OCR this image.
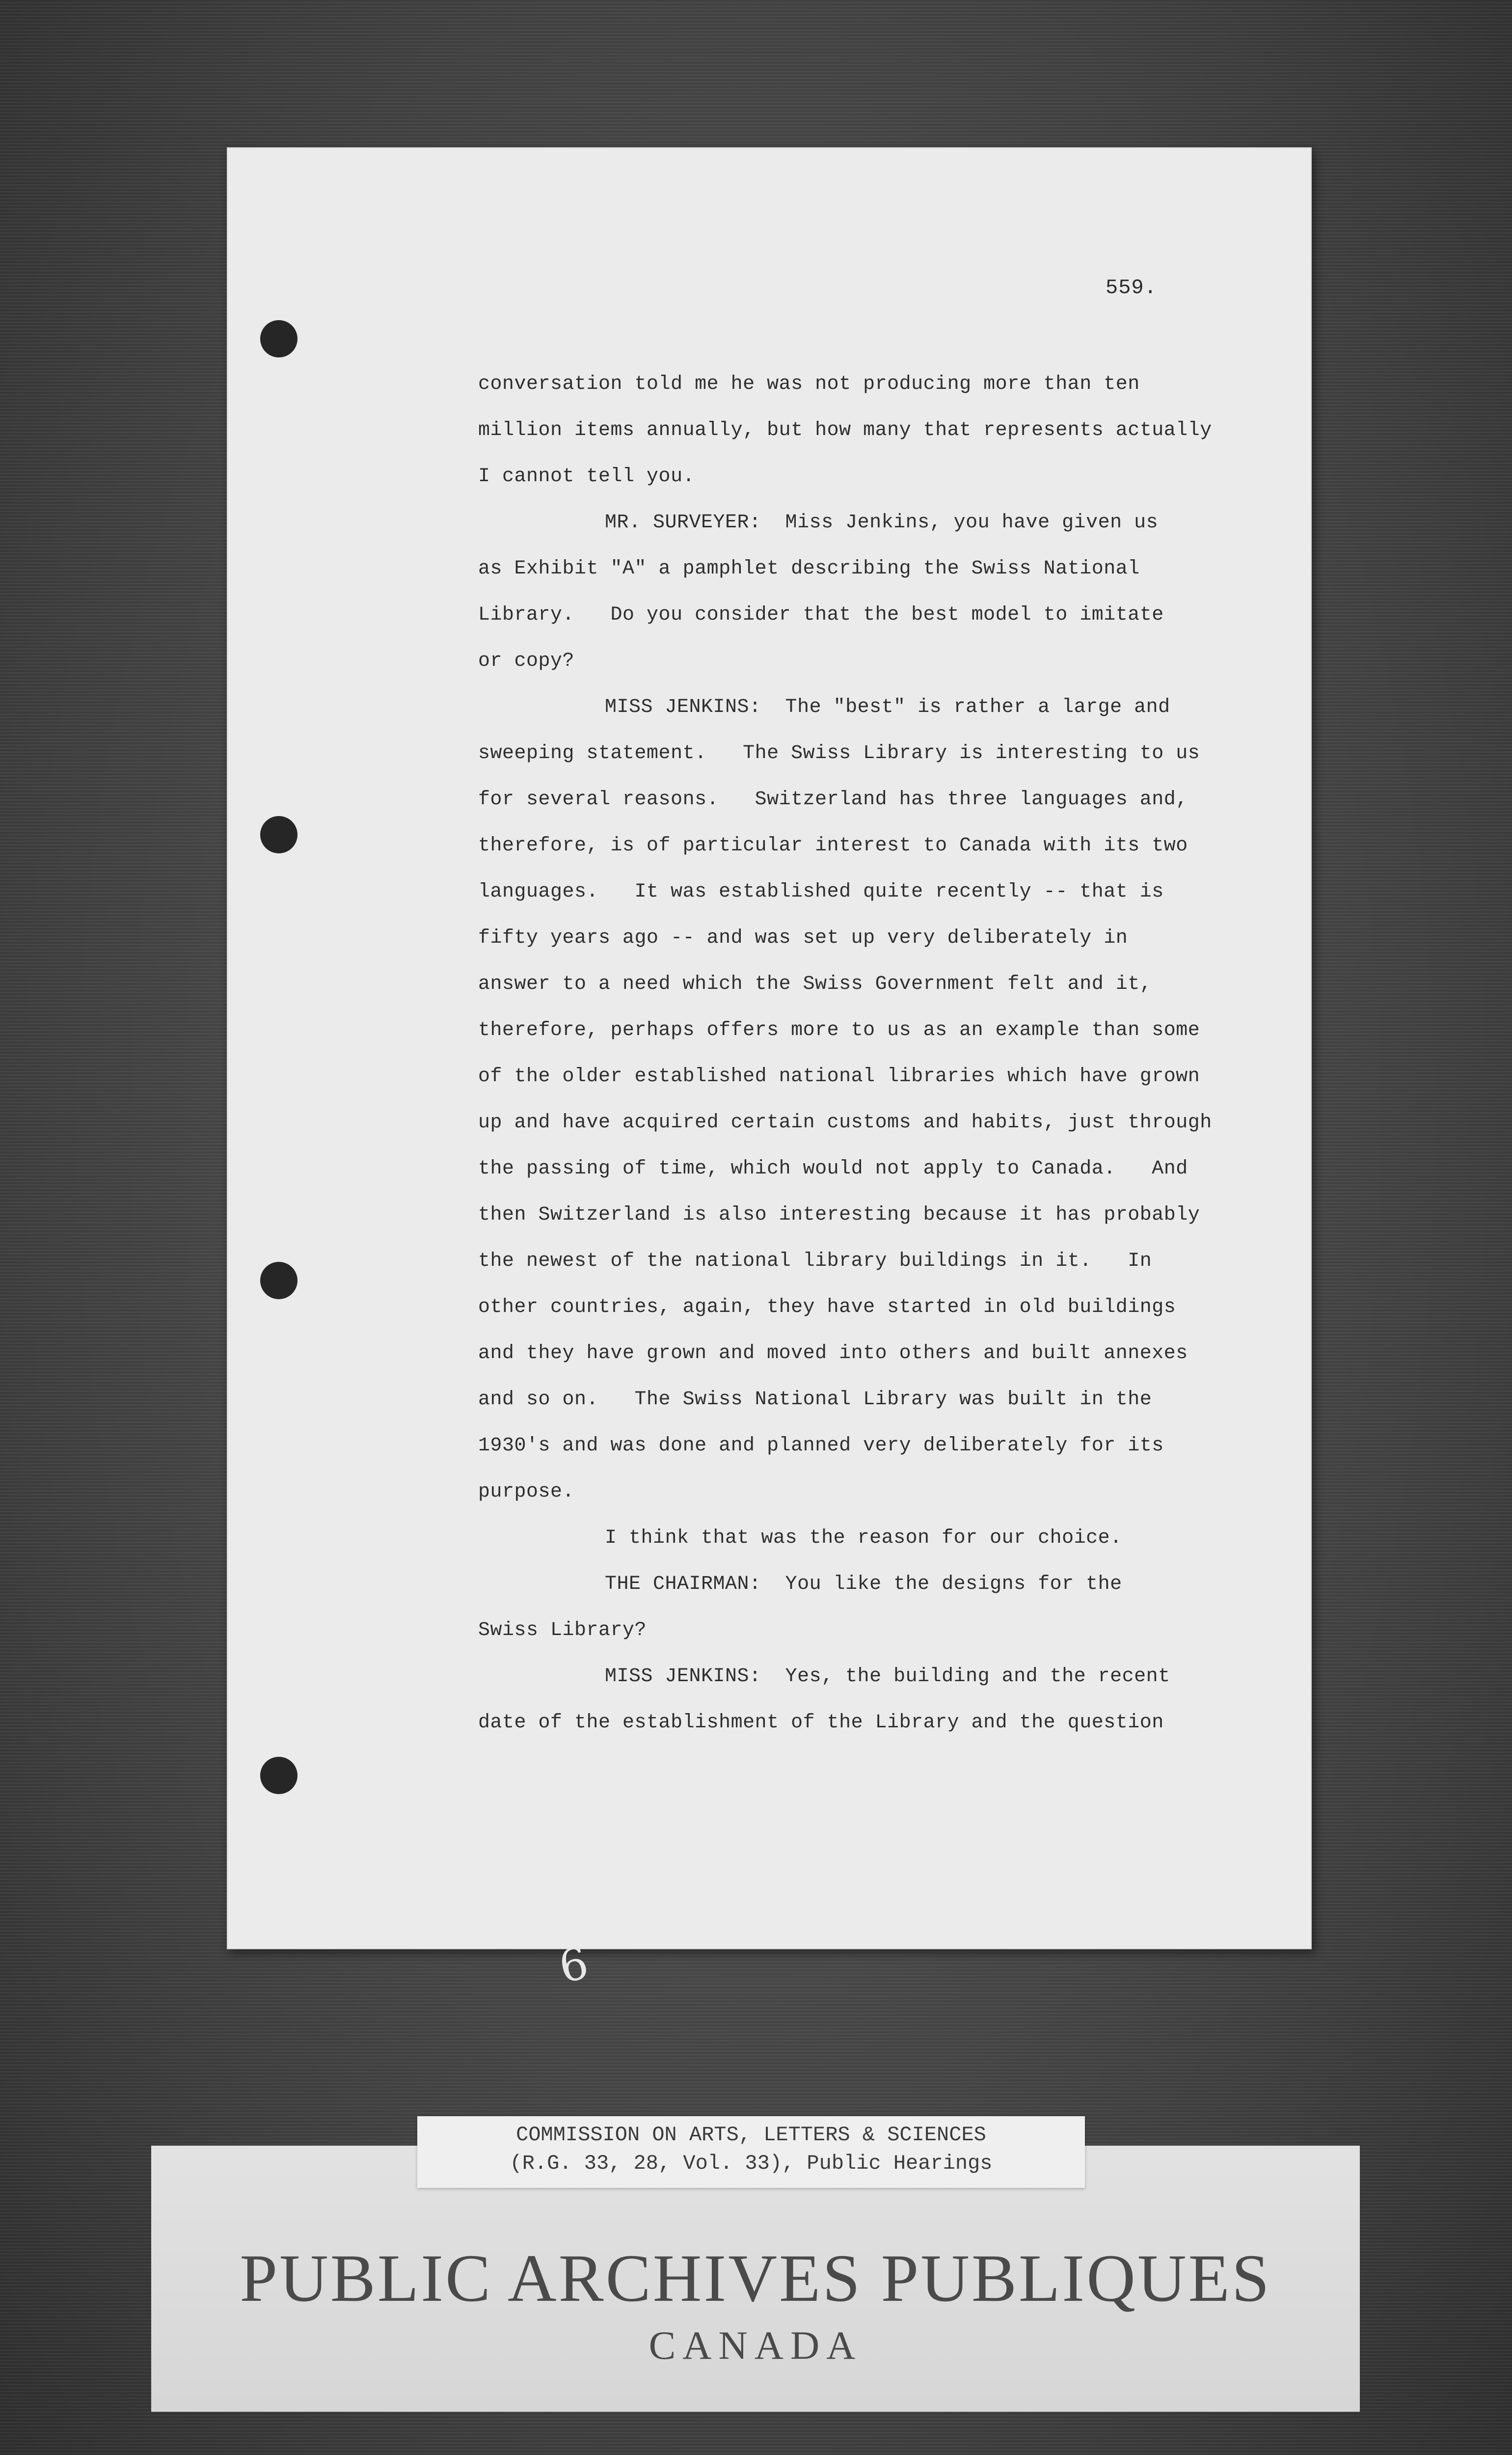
559.
conversation told me he was not producing more than ten
million items annually, but how many that represents actually
I cannot tell you.
MR. SURVEYER:  Miss Jenkins, you have given us
as Exhibit "A" a pamphlet describing the Swiss National
Library.   Do you consider that the best model to imitate
or copy?
MISS JENKINS:  The "best" is rather a large and
sweeping statement.   The Swiss Library is interesting to us
for several reasons.   Switzerland has three languages and,
therefore, is of particular interest to Canada with its two
languages.   It was established quite recently -- that is
fifty years ago -- and was set up very deliberately in
answer to a need which the Swiss Government felt and it,
therefore, perhaps offers more to us as an example than some
of the older established national libraries which have grown
up and have acquired certain customs and habits, just through
the passing of time, which would not apply to Canada.   And
then Switzerland is also interesting because it has probably
the newest of the national library buildings in it.   In
other countries, again, they have started in old buildings
and they have grown and moved into others and built annexes
and so on.   The Swiss National Library was built in the
1930's and was done and planned very deliberately for its
purpose.
I think that was the reason for our choice.
THE CHAIRMAN:  You like the designs for the
Swiss Library?
MISS JENKINS:  Yes, the building and the recent
date of the establishment of the Library and the question
6
COMMISSION ON ARTS, LETTERS & SCIENCES
(R.G. 33, 28, Vol. 33), Public Hearings
PUBLIC ARCHIVES PUBLIQUES
CANADA
